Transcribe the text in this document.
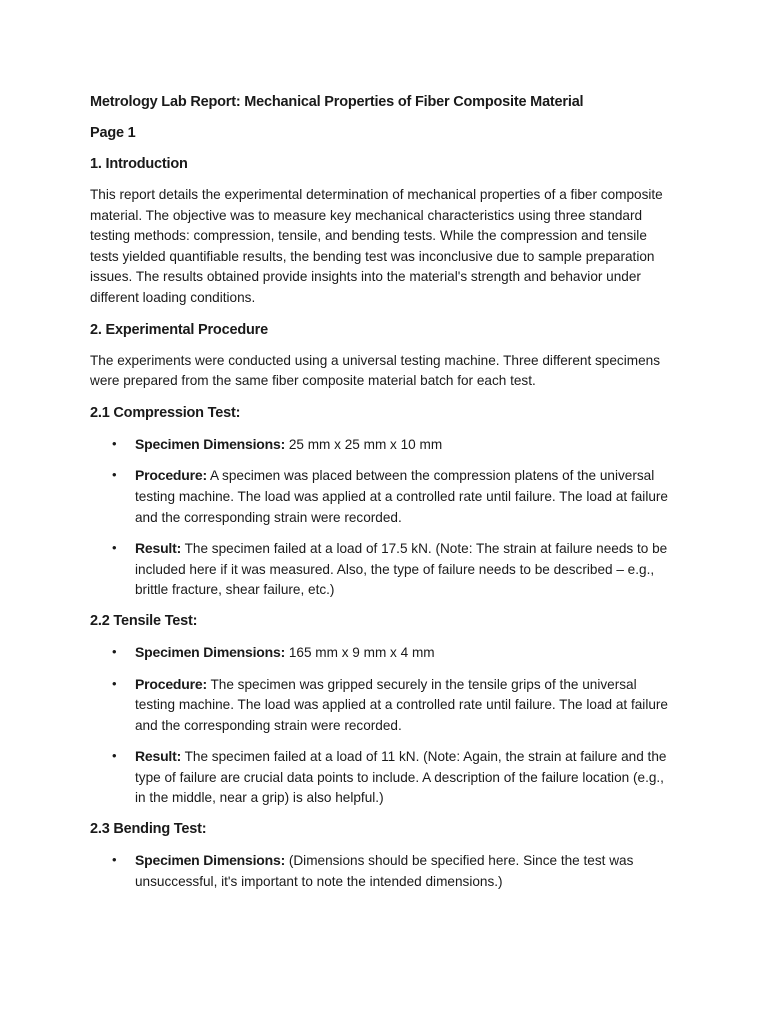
Metrology Lab Report: Mechanical Properties of Fiber Composite Material
Page 1
1. Introduction

This report details the experimental determination of mechanical properties of a fiber composite material. The objective was to measure key mechanical characteristics using three standard testing methods: compression, tensile, and bending tests. While the compression and tensile tests yielded quantifiable results, the bending test was inconclusive due to sample preparation issues. The results obtained provide insights into the material's strength and behavior under different loading conditions.

2. Experimental Procedure

The experiments were conducted using a universal testing machine. Three different specimens were prepared from the same fiber composite material batch for each test.

2.1 Compression Test:
• Specimen Dimensions: 25 mm x 25 mm x 10 mm
• Procedure: A specimen was placed between the compression platens of the universal testing machine. The load was applied at a controlled rate until failure. The load at failure and the corresponding strain were recorded.
• Result: The specimen failed at a load of 17.5 kN. (Note: The strain at failure needs to be included here if it was measured. Also, the type of failure needs to be described – e.g., brittle fracture, shear failure, etc.)
2.2 Tensile Test:
• Specimen Dimensions: 165 mm x 9 mm x 4 mm
• Procedure: The specimen was gripped securely in the tensile grips of the universal testing machine. The load was applied at a controlled rate until failure. The load at failure and the corresponding strain were recorded.
• Result: The specimen failed at a load of 11 kN. (Note: Again, the strain at failure and the type of failure are crucial data points to include. A description of the failure location (e.g., in the middle, near a grip) is also helpful.)
2.3 Bending Test:
• Specimen Dimensions: (Dimensions should be specified here. Since the test was unsuccessful, it's important to note the intended dimensions.)
